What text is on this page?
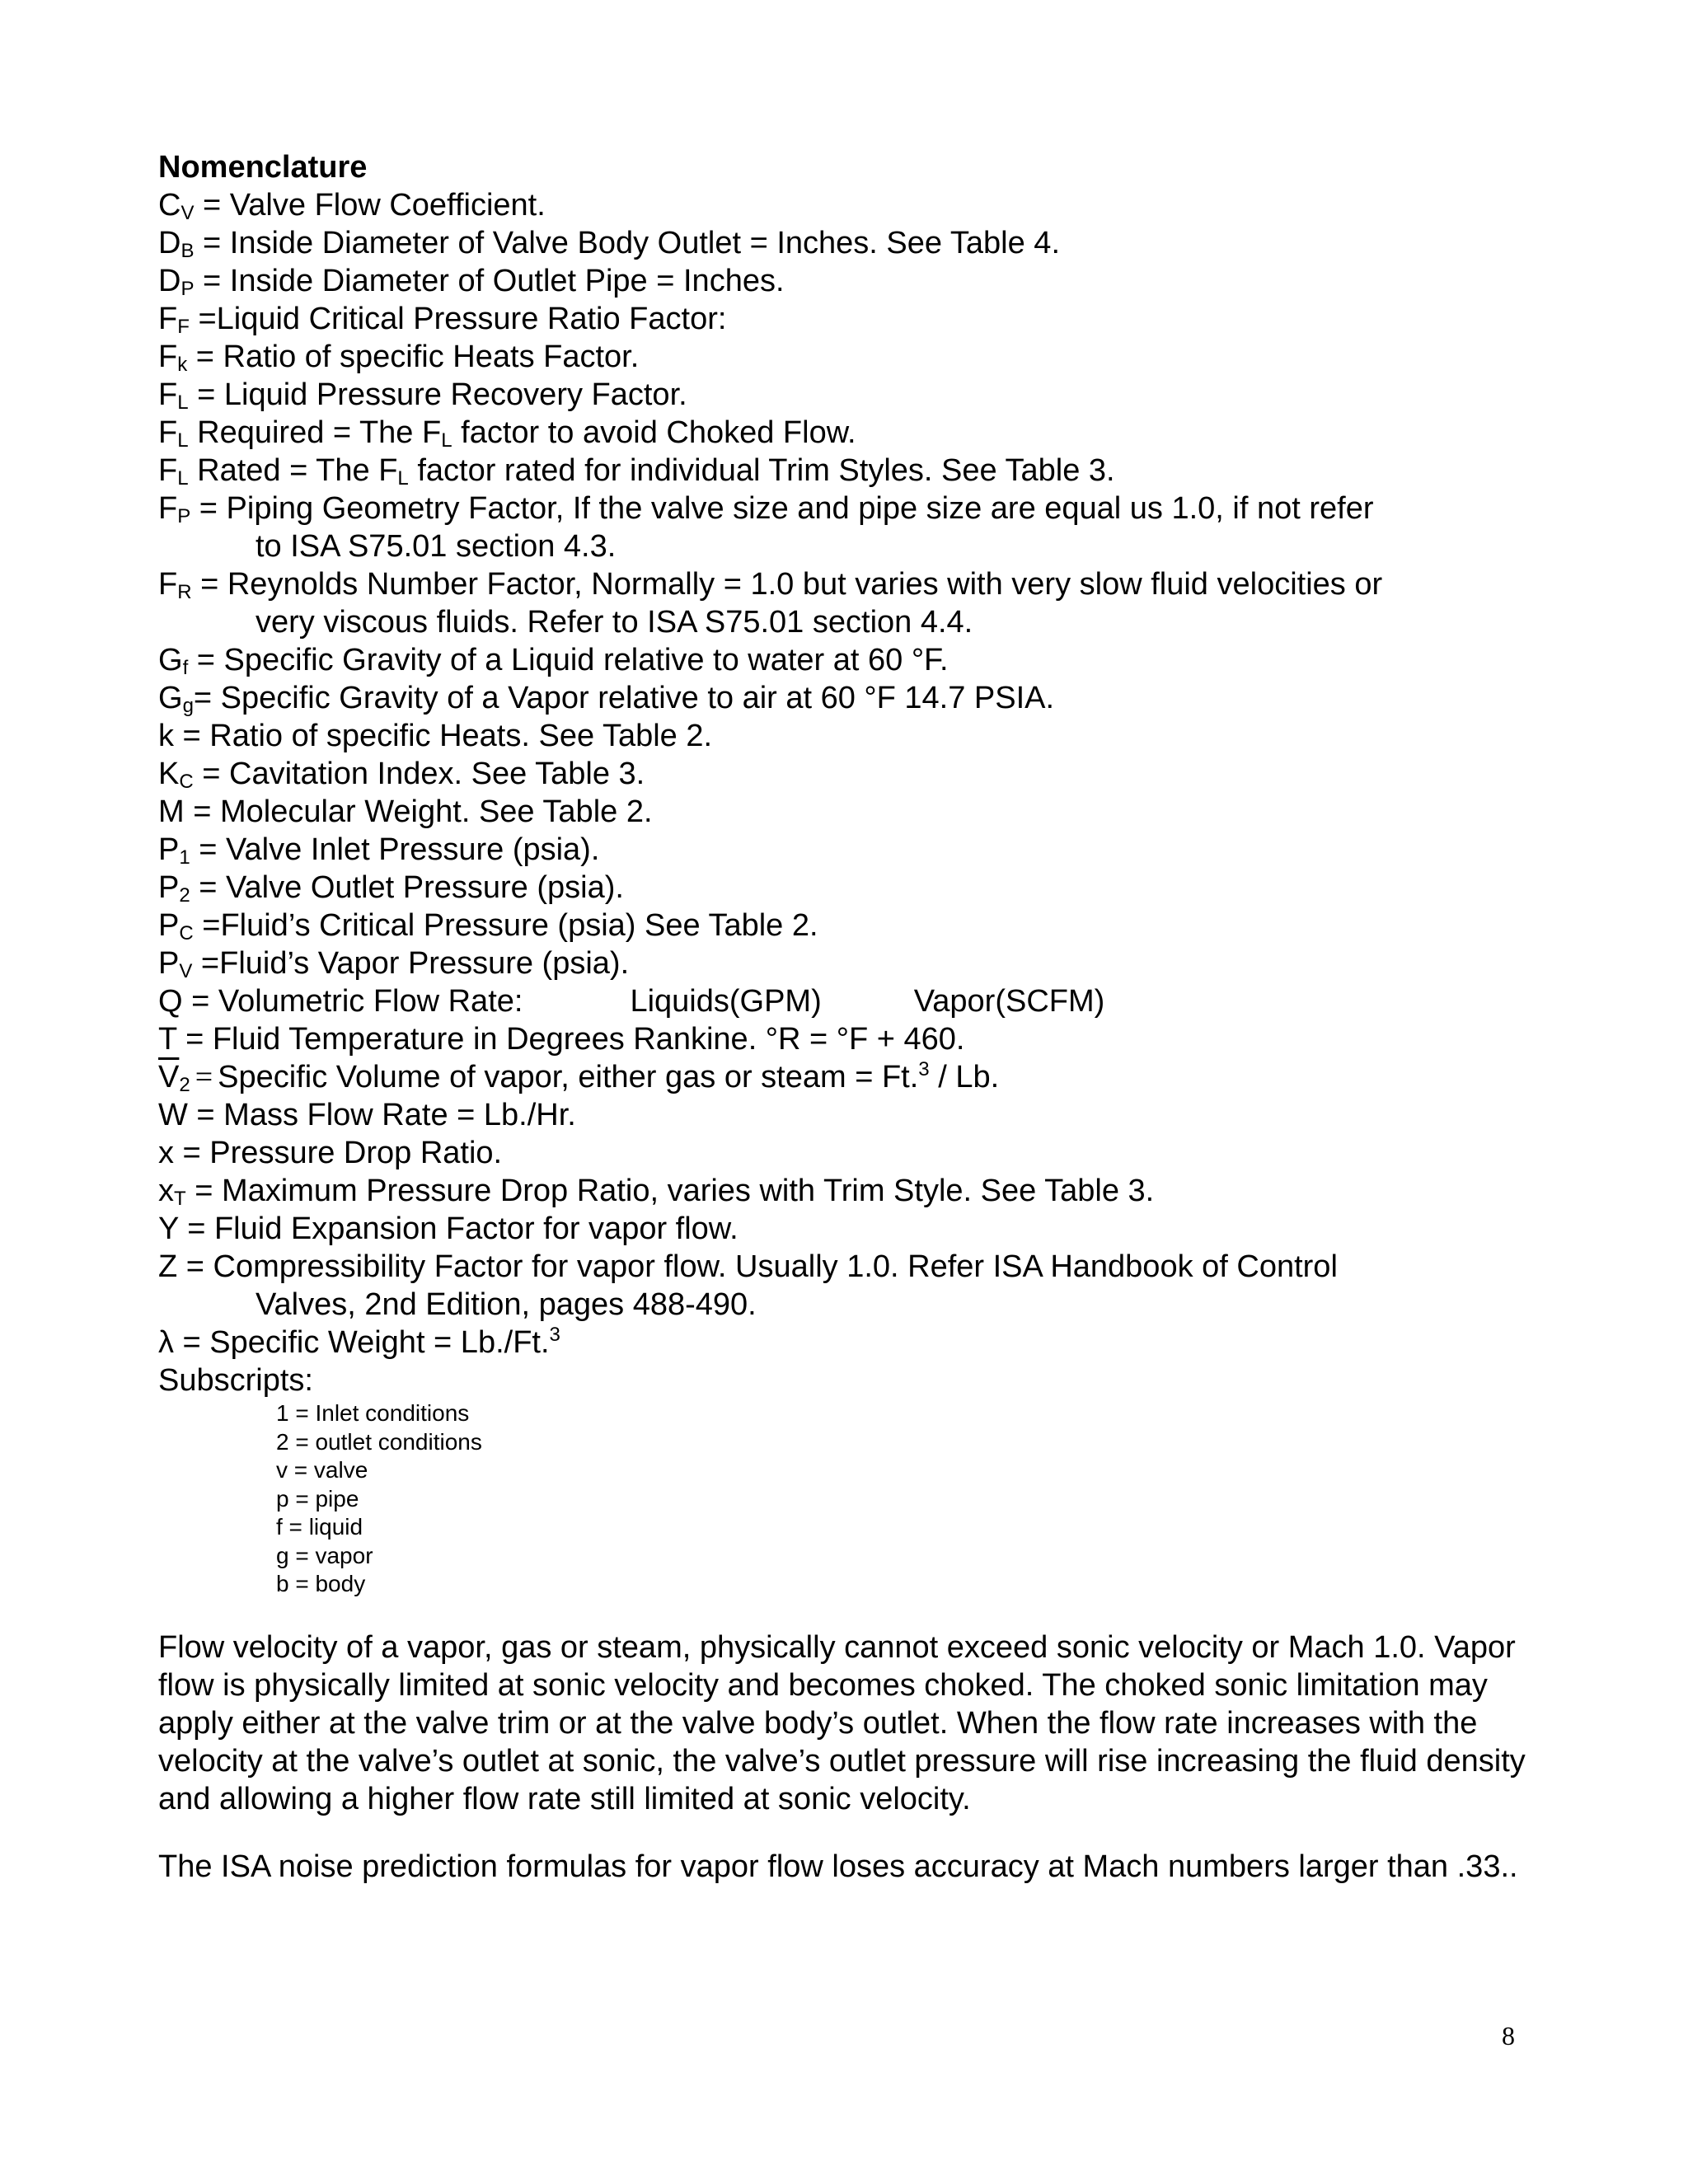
Nomenclature

$C_V$ = Valve Flow Coefficient.

$D_B$ = Inside Diameter of Valve Body Outlet = Inches. See Table 4.

$D_P$ = Inside Diameter of Outlet Pipe = Inches.

$F_F$ =Liquid Critical Pressure Ratio Factor:

$F_k$ = Ratio of specific Heats Factor.

$F_L$ = Liquid Pressure Recovery Factor.

$F_L$ Required = The $F_L$ factor to avoid Choked Flow.

$F_L$ Rated = The $F_L$ factor rated for individual Trim Styles. See Table 3.

$F_P$ = Piping Geometry Factor, If the valve size and pipe size are equal us 1.0, if not refer

to ISA S75.01 section 4.3.

$F_R$ = Reynolds Number Factor, Normally = 1.0 but varies with very slow fluid velocities or

very viscous fluids. Refer to ISA S75.01 section 4.4.

$G_f$ = Specific Gravity of a Liquid relative to water at 60 °F.

$G_g=$ Specific Gravity of a Vapor relative to air at 60 °F 14.7 PSIA.

k = Ratio of specific Heats. See Table 2.

$K_C$ = Cavitation Index. See Table 3.

M = Molecular Weight. See Table 2.

$P_1$ = Valve Inlet Pressure (psia).

$P_2$ = Valve Outlet Pressure (psia).

$P_C$ =Fluid’s Critical Pressure (psia) See Table 2.

$P_V$ =Fluid’s Vapor Pressure (psia).

Q = Volumetric Flow Rate:	Liquids(GPM)	Vapor(SCFM)

T = Fluid Temperature in Degrees Rankine. °R = °F + 460.

$\overline{V}_2$ = Specific Volume of vapor, either gas or steam = Ft.$^3$ / Lb.

W = Mass Flow Rate = Lb./Hr.

x = Pressure Drop Ratio.

$x_T$ = Maximum Pressure Drop Ratio, varies with Trim Style. See Table 3.

Y = Fluid Expansion Factor for vapor flow.

Z = Compressibility Factor for vapor flow. Usually 1.0. Refer ISA Handbook of Control

Valves, 2nd Edition, pages 488-490.

λ = Specific Weight = Lb./Ft.$^3$

Subscripts:

1 = Inlet conditions

2 = outlet conditions

v = valve

p = pipe

f = liquid

g = vapor

b = body

Flow velocity of a vapor, gas or steam, physically cannot exceed sonic velocity or Mach 1.0. Vapor flow is physically limited at sonic velocity and becomes choked. The choked sonic limitation may apply either at the valve trim or at the valve body’s outlet. When the flow rate increases with the velocity at the valve’s outlet at sonic, the valve’s outlet pressure will rise increasing the fluid density and allowing a higher flow rate still limited at sonic velocity.

The ISA noise prediction formulas for vapor flow loses accuracy at Mach numbers larger than .33..

8
